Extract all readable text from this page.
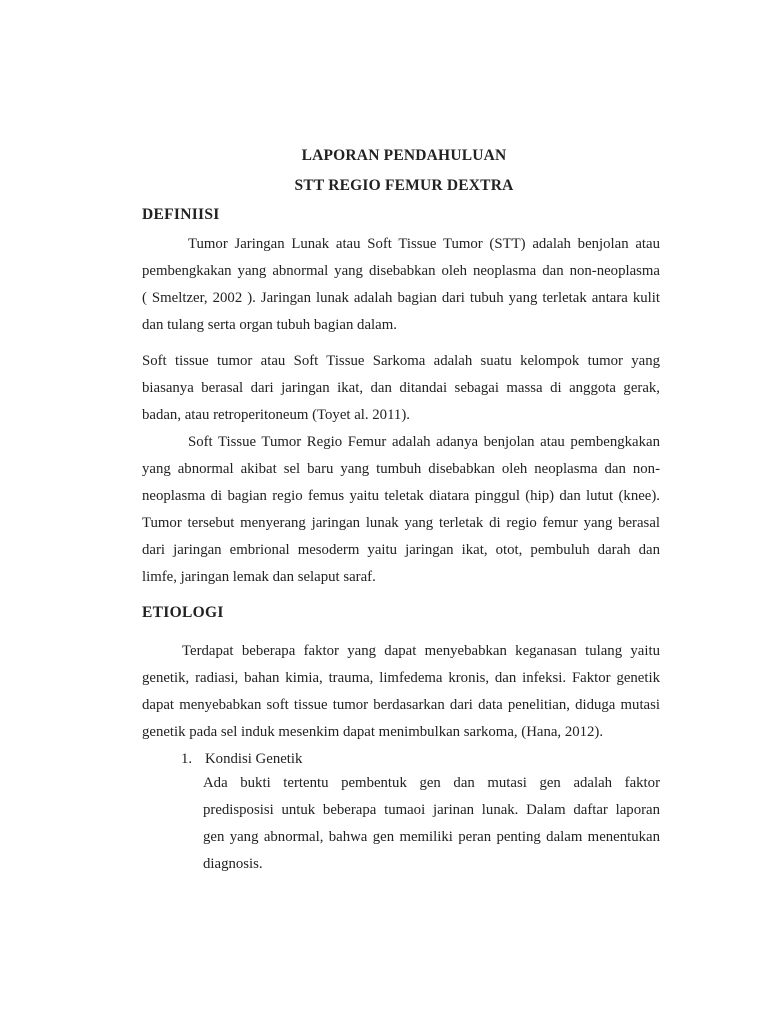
LAPORAN PENDAHULUAN
STT REGIO FEMUR DEXTRA
DEFINIISI
Tumor Jaringan Lunak atau Soft Tissue Tumor (STT) adalah benjolan atau
pembengkakan yang abnormal yang disebabkan oleh neoplasma dan non-neoplasma
( Smeltzer, 2002 ). Jaringan lunak adalah bagian dari tubuh yang terletak antara kulit
dan tulang serta organ tubuh bagian dalam.
Soft tissue tumor atau Soft Tissue Sarkoma adalah suatu kelompok tumor yang
biasanya berasal dari jaringan ikat, dan ditandai sebagai massa di anggota gerak,
badan, atau retroperitoneum (Toyet al. 2011).
Soft Tissue Tumor Regio Femur adalah adanya benjolan atau pembengkakan
yang abnormal akibat sel baru yang tumbuh disebabkan oleh neoplasma dan non-
neoplasma di bagian regio femus yaitu teletak diatara pinggul (hip) dan lutut (knee).
Tumor tersebut menyerang jaringan lunak yang terletak di regio femur yang berasal
dari jaringan embrional mesoderm yaitu jaringan ikat, otot, pembuluh darah dan
limfe, jaringan lemak dan selaput saraf.
ETIOLOGI
Terdapat beberapa faktor yang dapat menyebabkan keganasan tulang yaitu
genetik, radiasi, bahan kimia, trauma, limfedema kronis, dan infeksi. Faktor genetik
dapat menyebabkan soft tissue tumor berdasarkan dari data penelitian, diduga mutasi
genetik pada sel induk mesenkim dapat menimbulkan sarkoma, (Hana, 2012).
1. Kondisi Genetik
Ada bukti tertentu pembentuk gen dan mutasi gen adalah faktor
predisposisi untuk beberapa tumaoi jarinan lunak. Dalam daftar laporan
gen yang abnormal, bahwa gen memiliki peran penting dalam menentukan
diagnosis.
